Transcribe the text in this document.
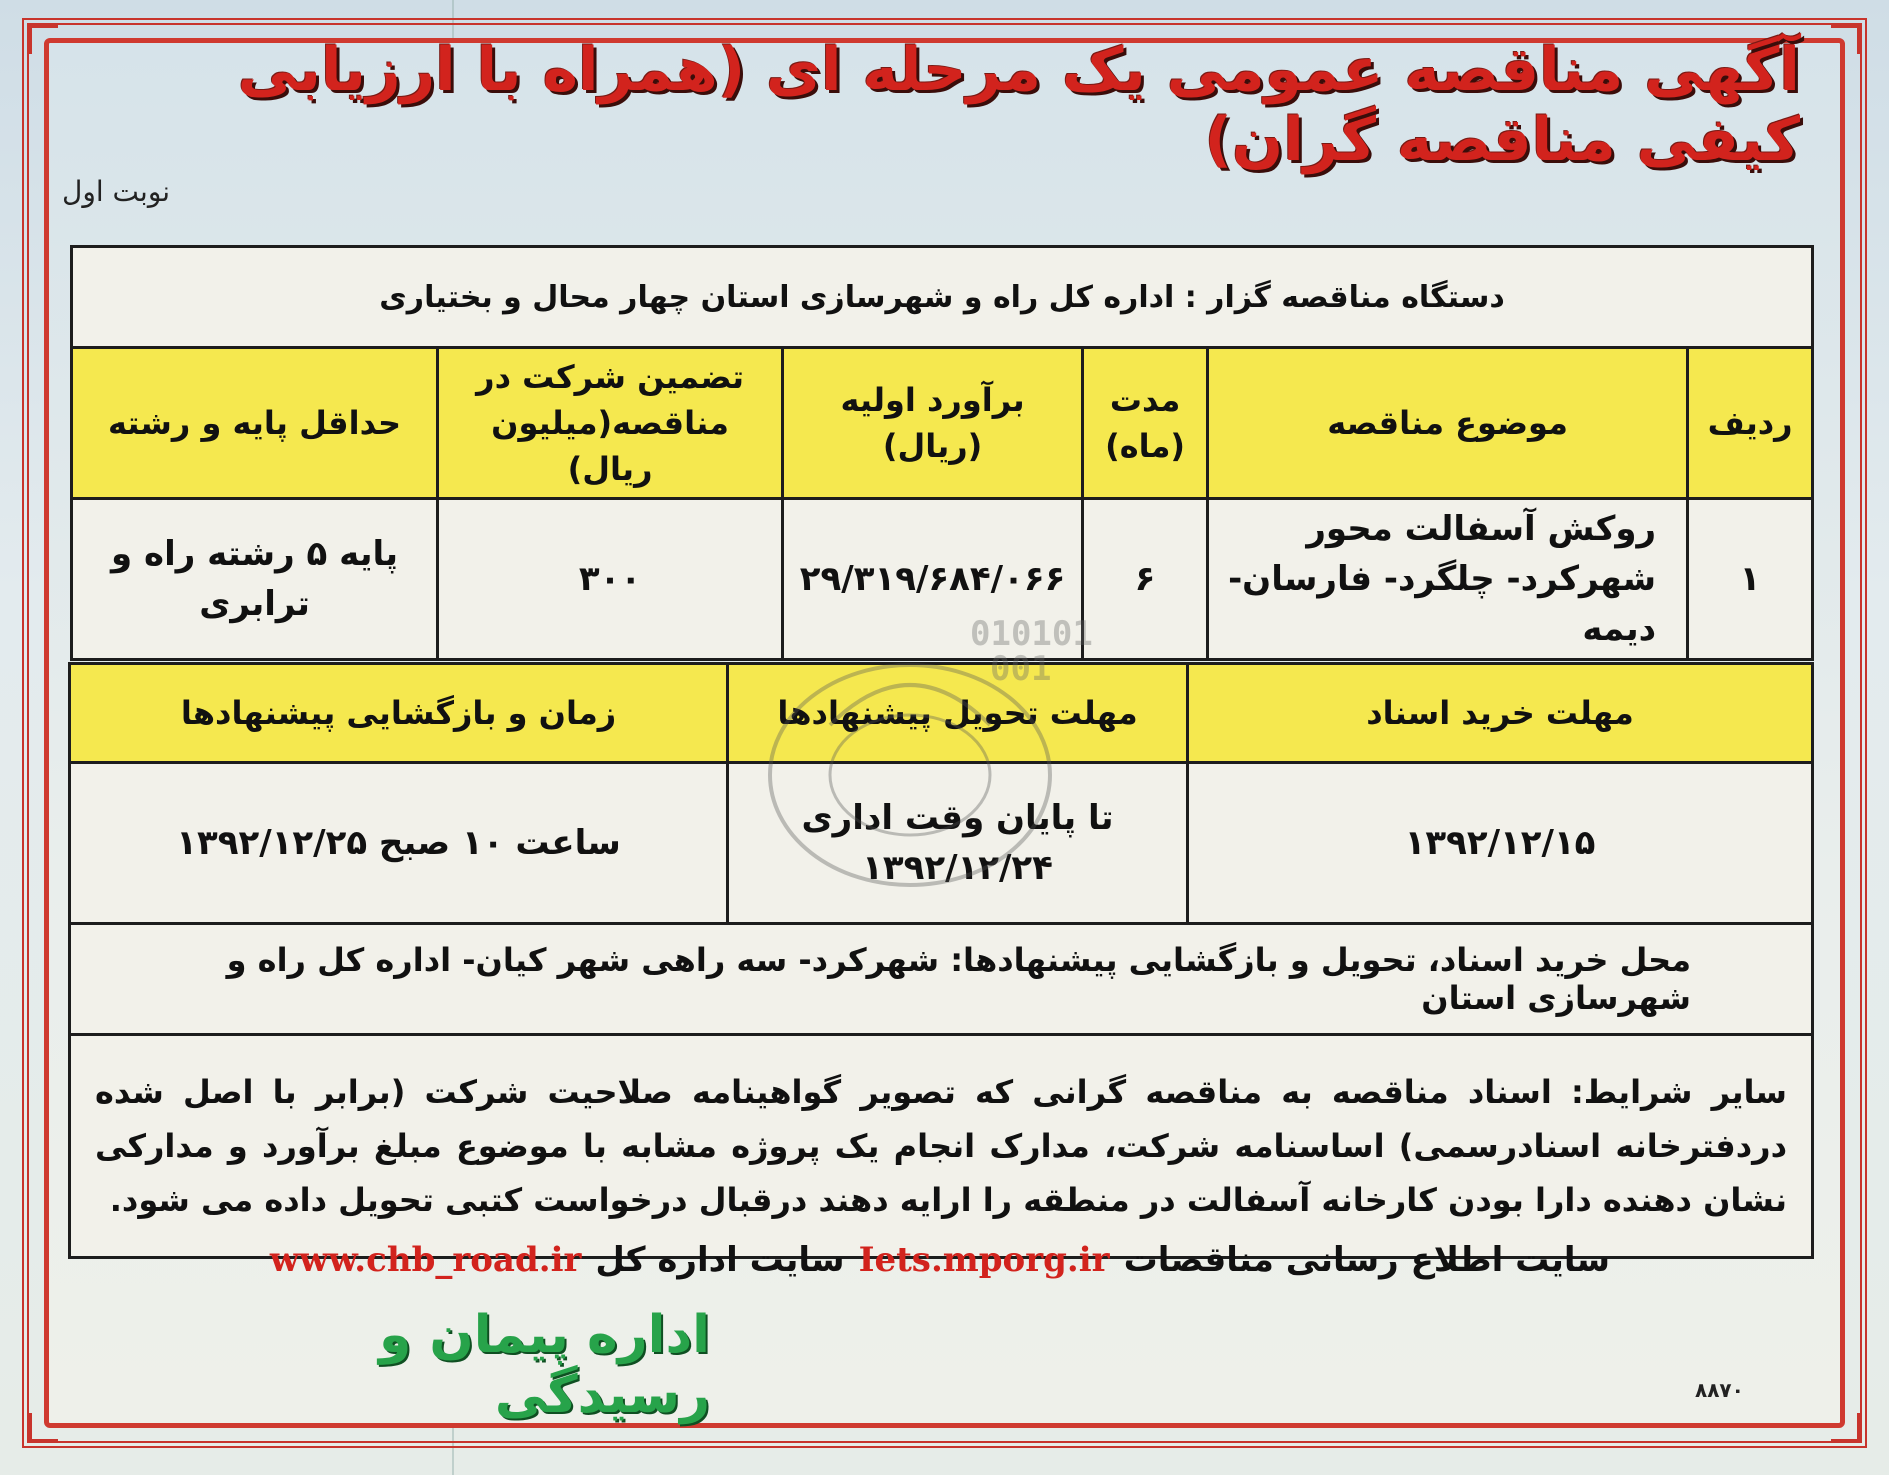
آگهی مناقصه عمومی یک مرحله ای (همراه با ارزیابی کیفی مناقصه گران)
نوبت اول
دستگاه مناقصه گزار : اداره کل راه و شهرسازی استان چهار محال و بختیاری					
ردیف	موضوع مناقصه	مدت (ماه)	برآورد اولیه (ریال)	تضمین شرکت در مناقصه(میلیون ریال)	حداقل پایه و رشته
۱	روکش آسفالت محور شهرکرد- چلگرد- فارسان- دیمه	۶	۲۹/۳۱۹/۶۸۴/۰۶۶	۳۰۰	پایه ۵ رشته راه و ترابری
مهلت خرید اسناد	مهلت تحویل پیشنهادها	زمان و بازگشایی پیشنهادها
۱۳۹۲/۱۲/۱۵	تا پایان وقت اداری ۱۳۹۲/۱۲/۲۴	ساعت ۱۰ صبح ۱۳۹۲/۱۲/۲۵
محل خرید اسناد، تحویل و بازگشایی پیشنهادها: شهرکرد- سه راهی شهر کیان- اداره کل راه و شهرسازی استان		
سایر شرایط: اسناد مناقصه به مناقصه گرانی که تصویر گواهینامه صلاحیت شرکت (برابر با اصل شده دردفترخانه اسنادرسمی) اساسنامه شرکت، مدارک انجام یک پروژه مشابه با موضوع مبلغ برآورد و مدارکی نشان دهنده دارا بودن کارخانه آسفالت در منطقه را ارایه دهند درقبال درخواست کتبی تحویل داده می شود.		
010101
001
سایت اطلاع رسانی مناقصات
Iets.mporg.ir
سایت اداره کل
www.chb_road.ir
اداره پیمان و رسیدگی	۸۸۷۰
